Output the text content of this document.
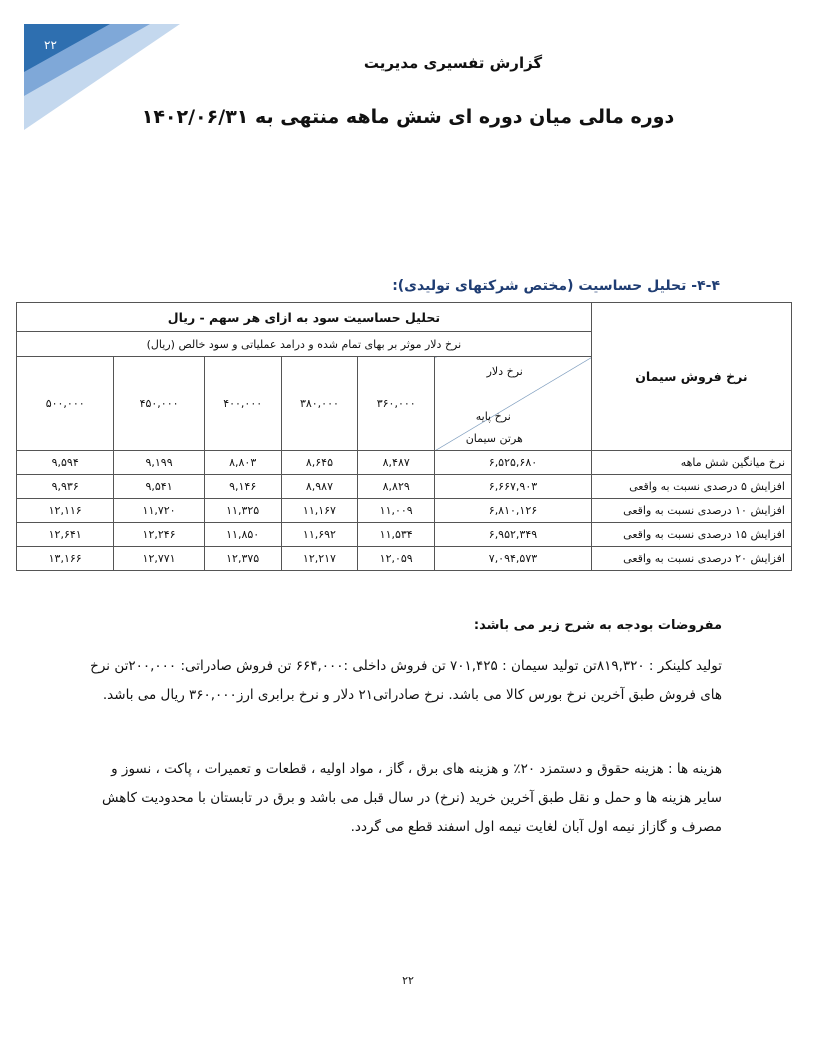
۲۲
گزارش تفسیری مدیریت
دوره مالی میان دوره ای شش ماهه منتهی به ۱۴۰۲/۰۶/۳۱
۴-۴- تحلیل حساسیت (مختص شرکتهای تولیدی):
نرخ فروش سیمان	تحلیل حساسیت سود به ازای هر سهم - ریال					
	نرخ دلار موثر بر بهای تمام شده و درامد عملیاتی و سود خالص (ریال)					

	نرخ دلار
نرخ پایه
هرتن سیمان	۳۶۰,۰۰۰	۳۸۰,۰۰۰	۴۰۰,۰۰۰	۴۵۰,۰۰۰	۵۰۰,۰۰۰
نرخ میانگین شش ماهه	۶,۵۲۵,۶۸۰	۸,۴۸۷	۸,۶۴۵	۸,۸۰۳	۹,۱۹۹	۹,۵۹۴
افزایش ۵ درصدی نسبت به واقعی	۶,۶۶۷,۹۰۳	۸,۸۲۹	۸,۹۸۷	۹,۱۴۶	۹,۵۴۱	۹,۹۳۶
افزایش ۱۰ درصدی نسبت به واقعی	۶,۸۱۰,۱۲۶	۱۱,۰۰۹	۱۱,۱۶۷	۱۱,۳۲۵	۱۱,۷۲۰	۱۲,۱۱۶
افزایش ۱۵ درصدی نسبت به واقعی	۶,۹۵۲,۳۴۹	۱۱,۵۳۴	۱۱,۶۹۲	۱۱,۸۵۰	۱۲,۲۴۶	۱۲,۶۴۱
افزایش ۲۰ درصدی نسبت به واقعی	۷,۰۹۴,۵۷۳	۱۲,۰۵۹	۱۲,۲۱۷	۱۲,۳۷۵	۱۲,۷۷۱	۱۳,۱۶۶
مفروضات بودجه به شرح زیر می باشد:
تولید کلینکر : ۸۱۹,۳۲۰تن تولید سیمان : ۷۰۱,۴۲۵ تن فروش داخلی :۶۶۴,۰۰۰ تن فروش صادراتی: ۲۰۰,۰۰۰تن نرخ های فروش طبق آخرین نرخ بورس کالا می باشد. نرخ صادراتی۲۱ دلار و نرخ برابری ارز۳۶۰,۰۰۰ ریال می باشد.
هزینه ها : هزینه حقوق و دستمزد ۲۰٪ و هزینه های برق ، گاز ، مواد اولیه ، قطعات و تعمیرات ، پاکت ، نسوز و سایر هزینه ها و حمل و نقل طبق آخرین خرید (نرخ) در سال قبل می باشد و برق در تابستان با محدودیت کاهش مصرف و گازاز نیمه اول آبان لغایت نیمه اول اسفند قطع می گردد.
۲۲
